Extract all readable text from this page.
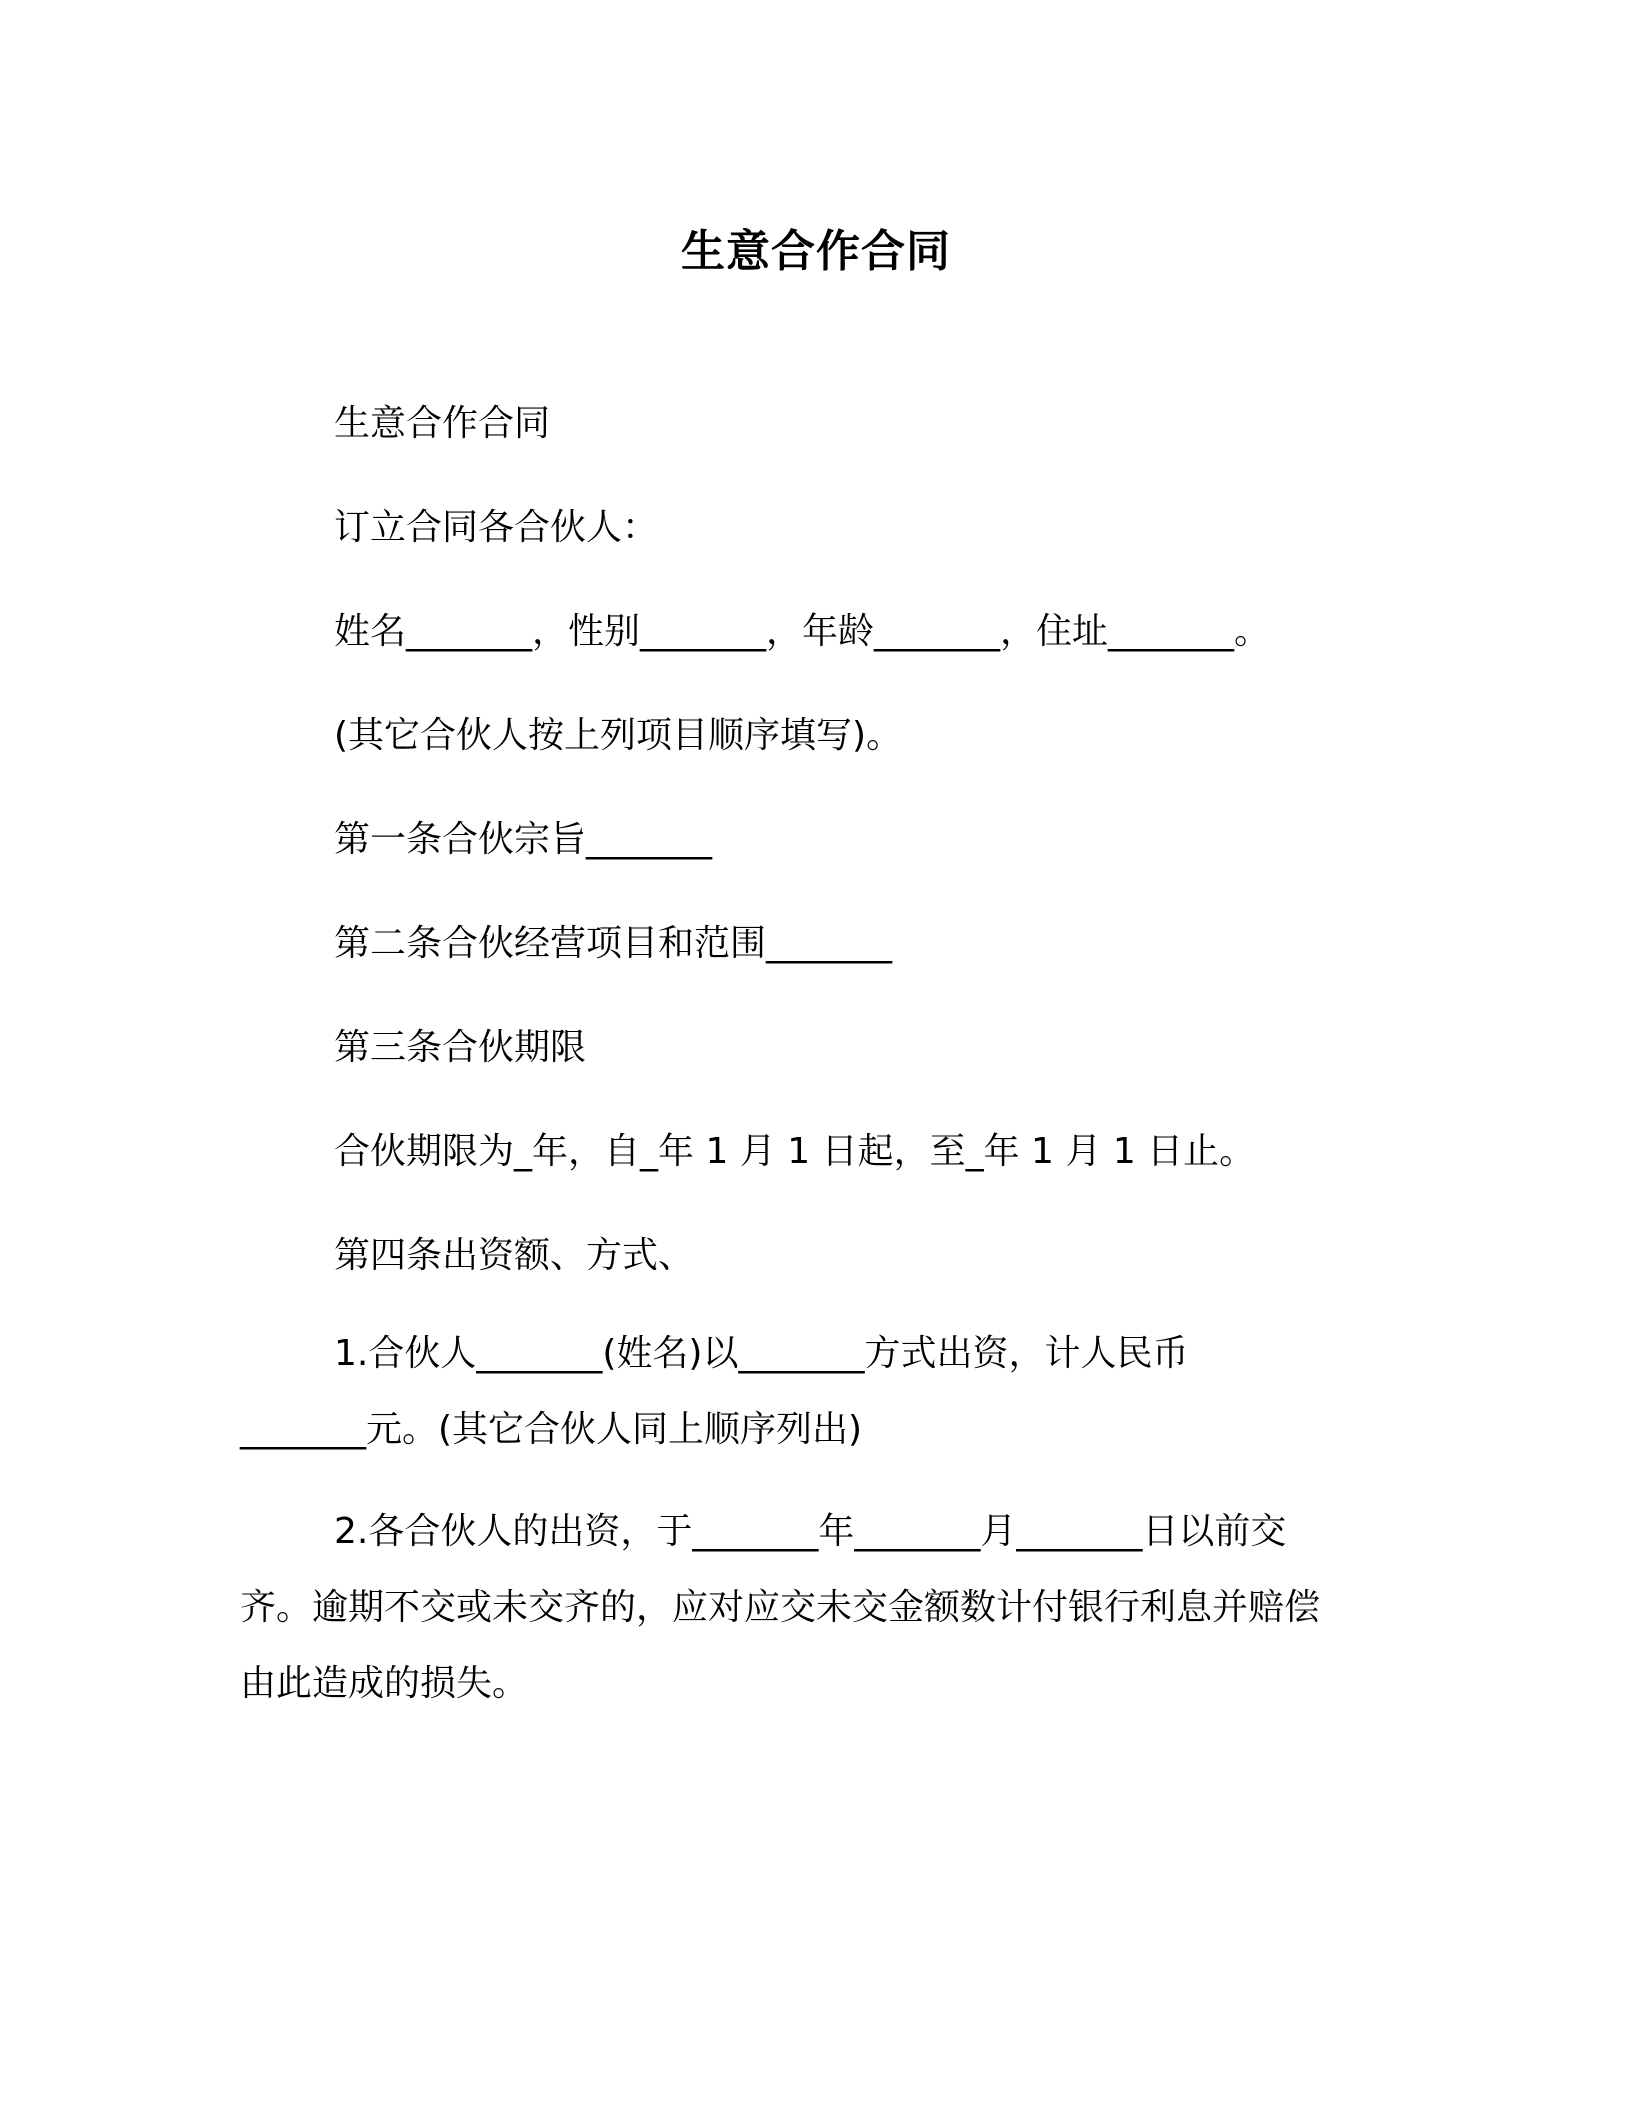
生意合作合同
生意合作合同
订立合同各合伙人：
姓名_______，性别_______，年龄_______，住址_______。
(其它合伙人按上列项目顺序填写)。
第一条合伙宗旨_______
第二条合伙经营项目和范围_______
第三条合伙期限
合伙期限为_年，自_年 1 月 1 日起，至_年 1 月 1 日止。
第四条出资额、方式、
1.合伙人_______(姓名)以_______方式出资，计人民币
_______元。(其它合伙人同上顺序列出)
2.各合伙人的出资，于_______年_______月_______日以前交
齐。逾期不交或未交齐的，应对应交未交金额数计付银行利息并赔偿
由此造成的损失。
